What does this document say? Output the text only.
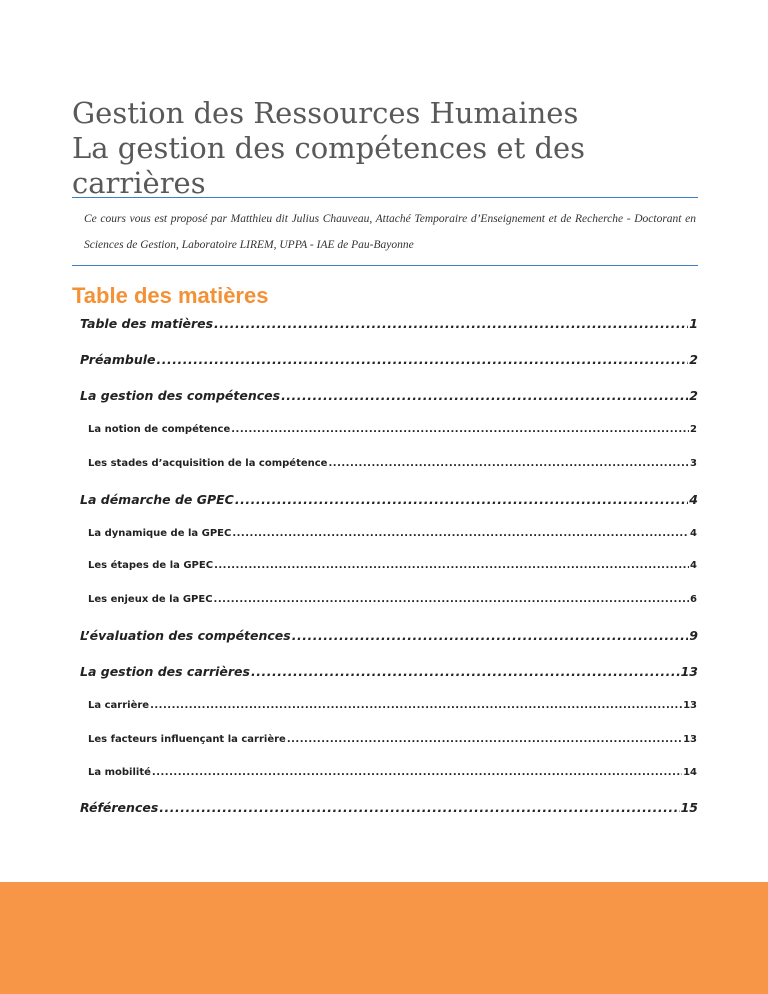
Gestion des Ressources Humaines
La gestion des compétences et des
carrières
Ce cours vous est proposé par Matthieu dit Julius Chauveau, Attaché Temporaire d’Enseignement et de Recherche - Doctorant en Sciences de Gestion, Laboratoire LIREM, UPPA - IAE de Pau-Bayonne
Table des matières
Table des matières .....	1
Préambule .....	2
La gestion des compétences .....	2
La notion de compétence .....	2
Les stades d’acquisition de la compétence .....	3
La démarche de GPEC .....	4
La dynamique de la GPEC .....	4
Les étapes de la GPEC .....	4
Les enjeux de la GPEC .....	6
L’évaluation des compétences .....	9
La gestion des carrières .....	13
La carrière .....	13
Les facteurs influençant la carrière .....	13
La mobilité .....	14
Références .....	15
